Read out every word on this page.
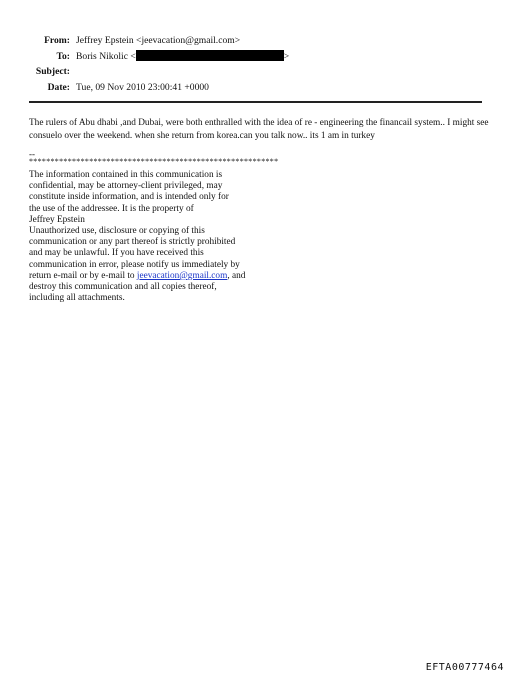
From: Jeffrey Epstein <jeevacation@gmail.com>
To: Boris Nikolic <	>
Subject:
Date: Tue, 09 Nov 2010 23:00:41 +0000
The rulers of Abu dhabi ,and Dubai, were both enthralled with the idea of re - engineering the financail system.. I might see consuelo over the weekend. when she return from korea.can you talk now.. its 1 am in turkey
--
**********************************************************
The information contained in this communication is
confidential, may be attorney-client privileged, may
constitute inside information, and is intended only for
the use of the addressee. It is the property of
Jeffrey Epstein
Unauthorized use, disclosure or copying of this
communication or any part thereof is strictly prohibited
and may be unlawful. If you have received this
communication in error, please notify us immediately by
return e-mail or by e-mail to jeevacation@gmail.com, and
destroy this communication and all copies thereof,
including all attachments.
EFTA00777464
